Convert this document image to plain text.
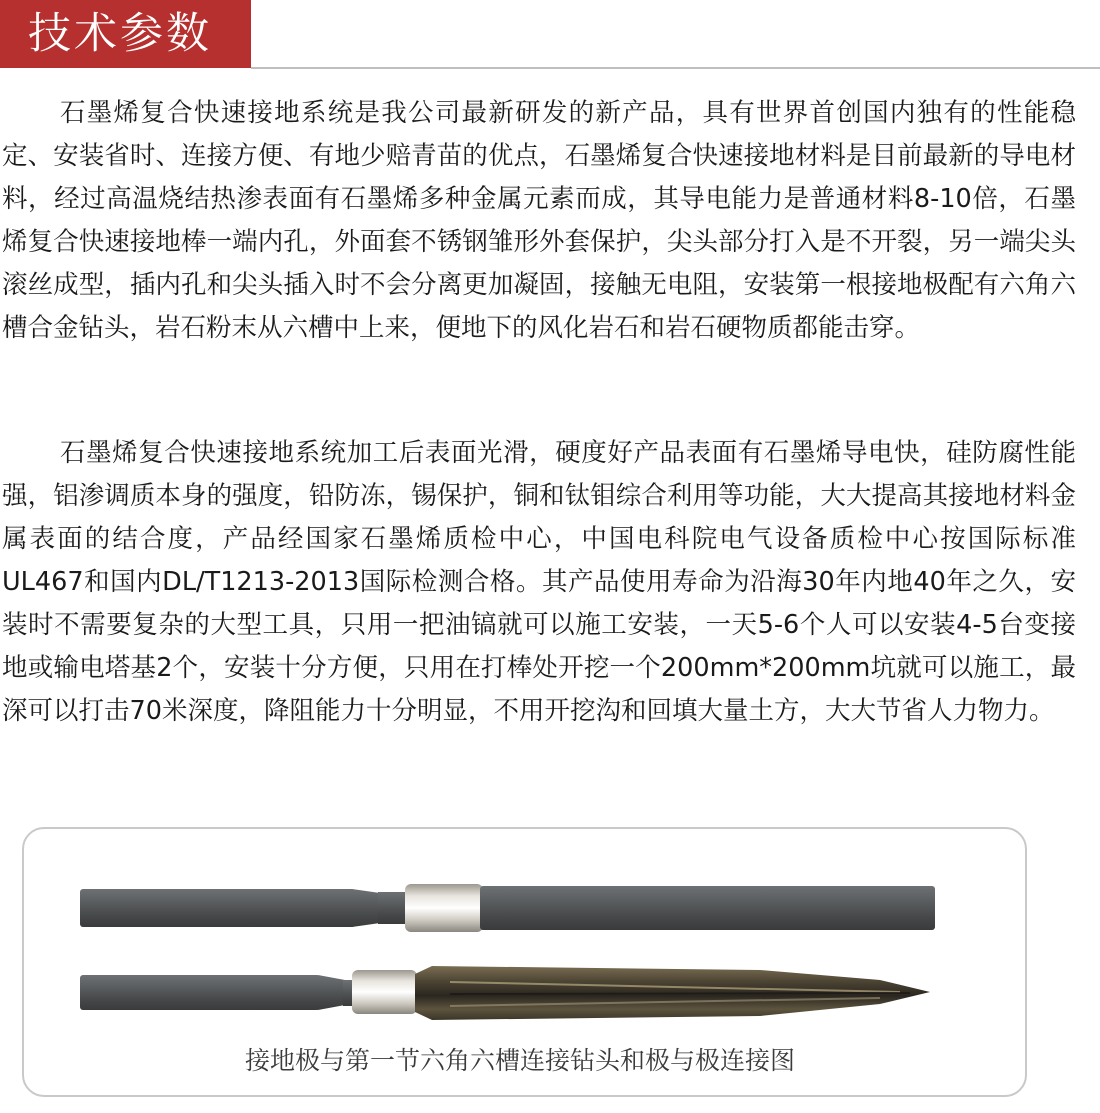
技术参数

石墨烯复合快速接地系统是我公司最新研发的新产品，具有世界首创国内独有的性能稳定、安装省时、连接方便、有地少赔青苗的优点，石墨烯复合快速接地材料是目前最新的导电材料，经过高温烧结热渗表面有石墨烯多种金属元素而成，其导电能力是普通材料8-10倍，石墨烯复合快速接地棒一端内孔，外面套不锈钢雏形外套保护，尖头部分打入是不开裂，另一端尖头滚丝成型，插内孔和尖头插入时不会分离更加凝固，接触无电阻，安装第一根接地极配有六角六槽合金钻头，岩石粉末从六槽中上来，便地下的风化岩石和岩石硬物质都能击穿。

石墨烯复合快速接地系统加工后表面光滑，硬度好产品表面有石墨烯导电快，硅防腐性能强，铝渗调质本身的强度，铅防冻，锡保护，铜和钛钼综合利用等功能，大大提高其接地材料金属表面的结合度，产品经国家石墨烯质检中心，中国电科院电气设备质检中心按国际标准UL467和国内DL/T1213-2013国际检测合格。其产品使用寿命为沿海30年内地40年之久，安装时不需要复杂的大型工具，只用一把油镐就可以施工安装，一天5-6个人可以安装4-5台变接地或输电塔基2个，安装十分方便，只用在打棒处开挖一个200mm*200mm坑就可以施工，最深可以打击70米深度，降阻能力十分明显，不用开挖沟和回填大量土方，大大节省人力物力。

接地极与第一节六角六槽连接钻头和极与极连接图
